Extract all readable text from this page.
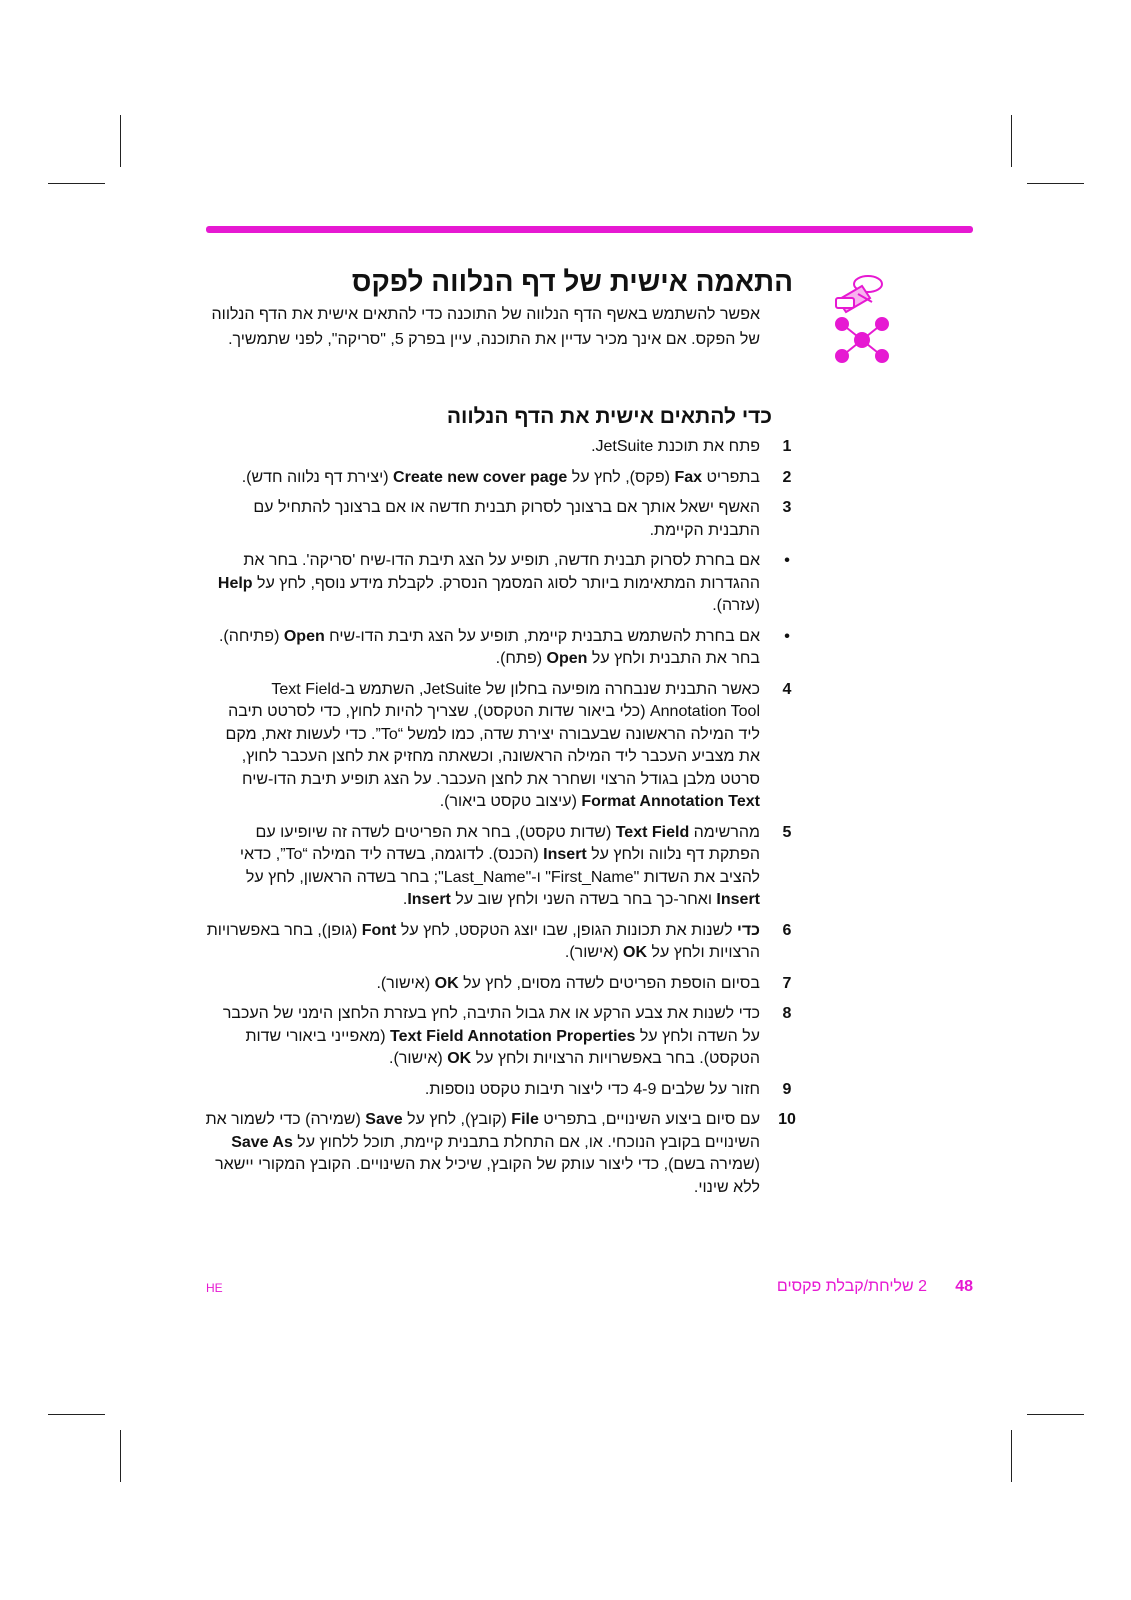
התאמה אישית של דף הנלווה לפקס
אפשר להשתמש באשף הדף הנלווה של התוכנה כדי להתאים אישית את הדף הנלווה של הפקס. אם אינך מכיר עדיין את התוכנה, עיין בפרק 5, "סריקה", לפני שתמשיך.
כדי להתאים אישית את הדף הנלווה
1
פתח את תוכנת JetSuite.
2
בתפריט Fax (פקס), לחץ על Create new cover page (יצירת דף נלווה חדש).
3
האשף ישאל אותך אם ברצונך לסרוק תבנית חדשה או אם ברצונך להתחיל עם התבנית הקיימת.
•
אם בחרת לסרוק תבנית חדשה, תופיע על הצג תיבת הדו-שיח 'סריקה'. בחר את ההגדרות המתאימות ביותר לסוג המסמך הנסרק. לקבלת מידע נוסף, לחץ על Help (עזרה).
•
אם בחרת להשתמש בתבנית קיימת, תופיע על הצג תיבת הדו-שיח Open (פתיחה). בחר את התבנית ולחץ על Open (פתח).
4
כאשר התבנית שנבחרה מופיעה בחלון של JetSuite, השתמש ב-Text Field Annotation Tool (כלי ביאור שדות הטקסט), שצריך להיות לחוץ, כדי לסרטט תיבה ליד המילה הראשונה שבעבורה יצירת שדה, כמו למשל “To”. כדי לעשות זאת, מקם את מצביע העכבר ליד המילה הראשונה, וכשאתה מחזיק את לחצן העכבר לחוץ, סרטט מלבן בגודל הרצוי ושחרר את לחצן העכבר. על הצג תופיע תיבת הדו-שיח Format Annotation Text (עיצוב טקסט ביאור).
5
מהרשימה Text Field (שדות טקסט), בחר את הפריטים לשדה זה שיופיעו עם הפתקת דף נלווה ולחץ על Insert (הכנס). לדוגמה, בשדה ליד המילה “To”, כדאי להציב את השדות "First_Name" ו-"Last_Name"; בחר בשדה הראשון, לחץ על Insert ואחר-כך בחר בשדה השני ולחץ שוב על Insert.
6
כדי לשנות את תכונות הגופן, שבו יוצג הטקסט, לחץ על Font (גופן), בחר באפשרויות הרצויות ולחץ על OK (אישור).
7
בסיום הוספת הפריטים לשדה מסוים, לחץ על OK (אישור).
8
כדי לשנות את צבע הרקע או את גבול התיבה, לחץ בעזרת הלחצן הימני של העכבר על השדה ולחץ על Text Field Annotation Properties (מאפייני ביאורי שדות הטקסט). בחר באפשרויות הרצויות ולחץ על OK (אישור).
9
חזור על שלבים 4-9 כדי ליצור תיבות טקסט נוספות.
10
עם סיום ביצוע השינויים, בתפריט File (קובץ), לחץ על Save (שמירה) כדי לשמור את השינויים בקובץ הנוכחי. או, אם התחלת בתבנית קיימת, תוכל ללחוץ על Save As (שמירה בשם), כדי ליצור עותק של הקובץ, שיכיל את השינויים. הקובץ המקורי יישאר ללא שינוי.
HE	2 שליחת/קבלת פקסים 48
